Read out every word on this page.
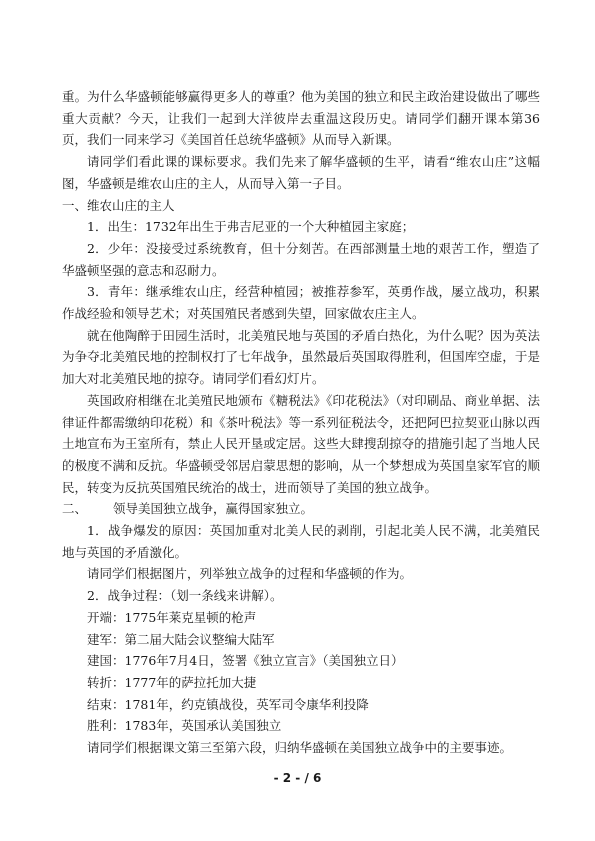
重。为什么华盛顿能够赢得更多人的尊重？他为美国的独立和民主政治建设做出了哪些重大贡献？今天，让我们一起到大洋彼岸去重温这段历史。请同学们翻开课本第36页，我们一同来学习《美国首任总统华盛顿》从而导入新课。

请同学们看此课的课标要求。我们先来了解华盛顿的生平，请看“维农山庄”这幅图，华盛顿是维农山庄的主人，从而导入第一子目。

一、维农山庄的主人

1．出生：1732年出生于弗吉尼亚的一个大种植园主家庭；

2．少年：没接受过系统教育，但十分刻苦。在西部测量土地的艰苦工作，塑造了华盛顿坚强的意志和忍耐力。

3．青年：继承维农山庄，经营种植园；被推荐参军，英勇作战，屡立战功，积累作战经验和领导艺术；对英国殖民者感到失望，回家做农庄主人。

就在他陶醉于田园生活时，北美殖民地与英国的矛盾白热化，为什么呢？因为英法为争夺北美殖民地的控制权打了七年战争，虽然最后英国取得胜利，但国库空虚，于是加大对北美殖民地的掠夺。请同学们看幻灯片。

英国政府相继在北美殖民地颁布《糖税法》《印花税法》（对印刷品、商业单据、法律证件都需缴纳印花税）和《茶叶税法》等一系列征税法令，还把阿巴拉契亚山脉以西土地宣布为王室所有，禁止人民开垦或定居。这些大肆搜刮掠夺的措施引起了当地人民的极度不满和反抗。华盛顿受邻居启蒙思想的影响，从一个梦想成为英国皇家军官的顺民，转变为反抗英国殖民统治的战士，进而领导了美国的独立战争。

二、 领导美国独立战争，赢得国家独立。

1．战争爆发的原因：英国加重对北美人民的剥削，引起北美人民不满，北美殖民地与英国的矛盾激化。

请同学们根据图片，列举独立战争的过程和华盛顿的作为。

2．战争过程：（划一条线来讲解）。

开端：1775年莱克星顿的枪声

建军：第二届大陆会议整编大陆军

建国：1776年7月4日，签署《独立宣言》（美国独立日）

转折：1777年的萨拉托加大捷

结束：1781年，约克镇战役，英军司令康华利投降

胜利：1783年，英国承认美国独立

请同学们根据课文第三至第六段，归纳华盛顿在美国独立战争中的主要事迹。

- 2 - / 6
